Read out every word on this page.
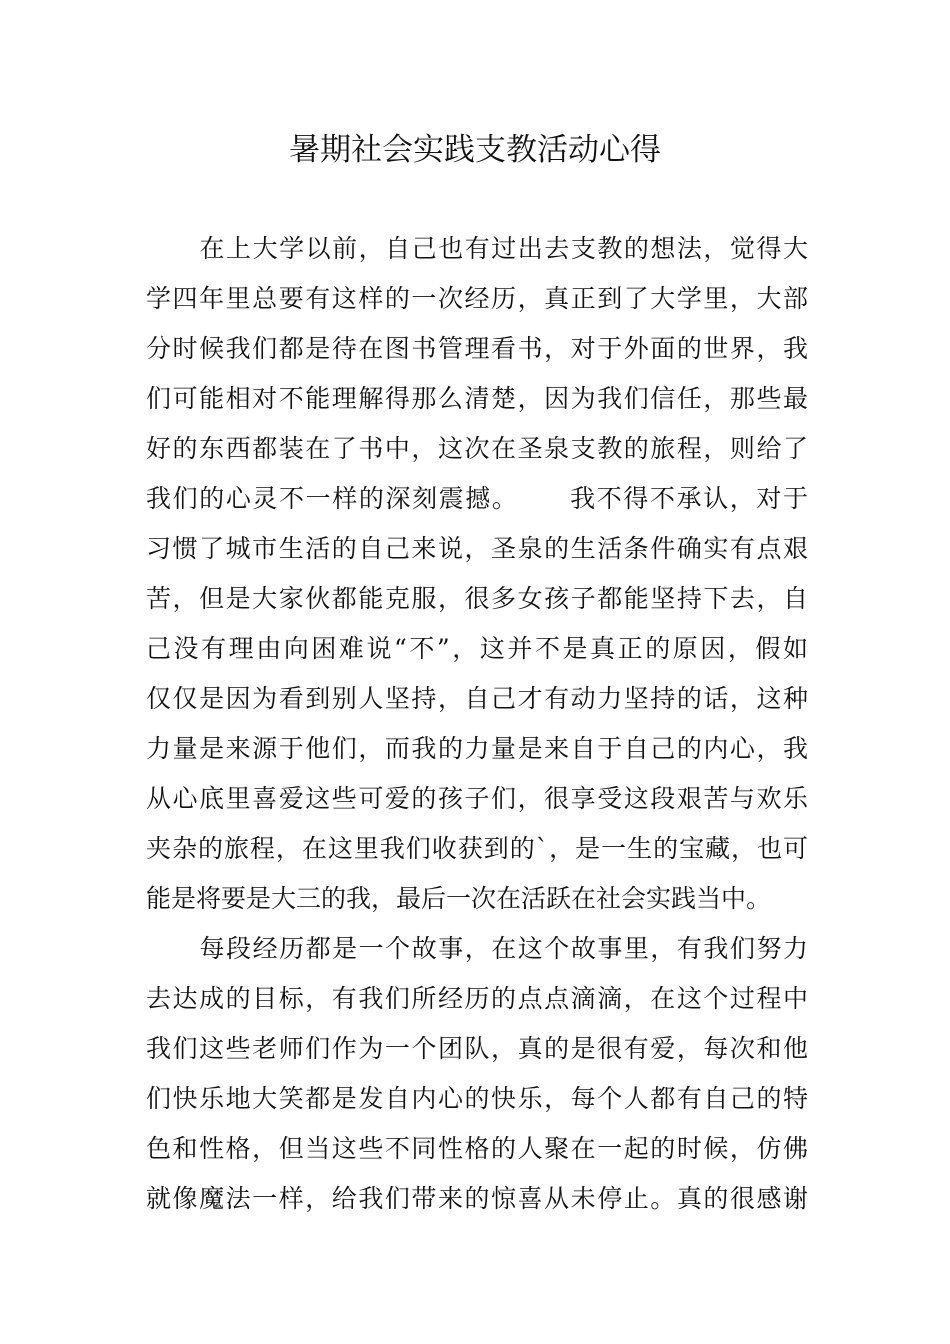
暑期社会实践支教活动心得
在上大学以前，自己也有过出去支教的想法，觉得大
学四年里总要有这样的一次经历，真正到了大学里，大部
分时候我们都是待在图书管理看书，对于外面的世界，我
们可能相对不能理解得那么清楚，因为我们信任，那些最
好的东西都装在了书中，这次在圣泉支教的旅程，则给了
我们的心灵不一样的深刻震撼。 我不得不承认，对于
习惯了城市生活的自己来说，圣泉的生活条件确实有点艰
苦，但是大家伙都能克服，很多女孩子都能坚持下去，自
己没有理由向困难说“不”，这并不是真正的原因，假如
仅仅是因为看到别人坚持，自己才有动力坚持的话，这种
力量是来源于他们，而我的力量是来自于自己的内心，我
从心底里喜爱这些可爱的孩子们，很享受这段艰苦与欢乐
夹杂的旅程，在这里我们收获到的`，是一生的宝藏，也可
能是将要是大三的我，最后一次在活跃在社会实践当中。
每段经历都是一个故事，在这个故事里，有我们努力
去达成的目标，有我们所经历的点点滴滴，在这个过程中
我们这些老师们作为一个团队，真的是很有爱，每次和他
们快乐地大笑都是发自内心的快乐，每个人都有自己的特
色和性格，但当这些不同性格的人聚在一起的时候，仿佛
就像魔法一样，给我们带来的惊喜从未停止。真的很感谢
